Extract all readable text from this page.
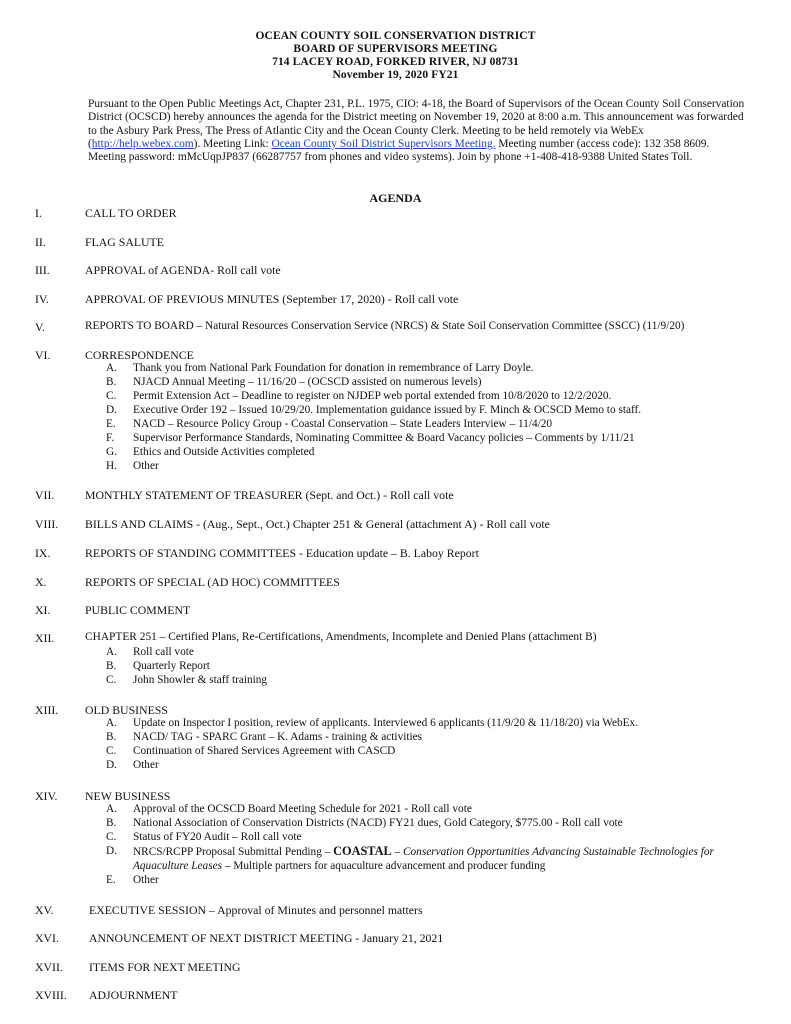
OCEAN COUNTY SOIL CONSERVATION DISTRICT
BOARD OF SUPERVISORS MEETING
714 LACEY ROAD, FORKED RIVER, NJ 08731
November 19, 2020 FY21
Pursuant to the Open Public Meetings Act, Chapter 231, P.L. 1975, CIO: 4-18, the Board of Supervisors of the Ocean County Soil Conservation District (OCSCD) hereby announces the agenda for the District meeting on November 19, 2020 at 8:00 a.m. This announcement was forwarded to the Asbury Park Press, The Press of Atlantic City and the Ocean County Clerk. Meeting to be held remotely via WebEx (http://help.webex.com). Meeting Link: Ocean County Soil District Supervisors Meeting. Meeting number (access code): 132 358 8609. Meeting password: mMcUqpJP837 (66287757 from phones and video systems). Join by phone +1-408-418-9388 United States Toll.
AGENDA
I.	CALL TO ORDER
II.	FLAG SALUTE
III.	APPROVAL of AGENDA- Roll call vote
IV.	APPROVAL OF PREVIOUS MINUTES (September 17, 2020) - Roll call vote
V.	REPORTS TO BOARD – Natural Resources Conservation Service (NRCS) & State Soil Conservation Committee (SSCC) (11/9/20)
VI.	CORRESPONDENCE
A. Thank you from National Park Foundation for donation in remembrance of Larry Doyle.
B. NJACD Annual Meeting – 11/16/20 – (OCSCD assisted on numerous levels)
C. Permit Extension Act – Deadline to register on NJDEP web portal extended from 10/8/2020 to 12/2/2020.
D. Executive Order 192 – Issued 10/29/20. Implementation guidance issued by F. Minch & OCSCD Memo to staff.
E. NACD – Resource Policy Group - Coastal Conservation – State Leaders Interview – 11/4/20
F. Supervisor Performance Standards, Nominating Committee & Board Vacancy policies – Comments by 1/11/21
G. Ethics and Outside Activities completed
H. Other
VII.	MONTHLY STATEMENT OF TREASURER (Sept. and Oct.) - Roll call vote
VIII. BILLS AND CLAIMS - (Aug., Sept., Oct.) Chapter 251 & General (attachment A) - Roll call vote
IX.	REPORTS OF STANDING COMMITTEES - Education update – B. Laboy Report
X.	REPORTS OF SPECIAL (AD HOC) COMMITTEES
XI.	PUBLIC COMMENT
XII.	CHAPTER 251 – Certified Plans, Re-Certifications, Amendments, Incomplete and Denied Plans (attachment B)
A. Roll call vote
B. Quarterly Report
C. John Showler & staff training
XIII. OLD BUSINESS
A. Update on Inspector I position, review of applicants. Interviewed 6 applicants (11/9/20 & 11/18/20) via WebEx.
B. NACD/ TAG - SPARC Grant – K. Adams - training & activities
C. Continuation of Shared Services Agreement with CASCD
D. Other
XIV. NEW BUSINESS
A. Approval of the OCSCD Board Meeting Schedule for 2021 - Roll call vote
B. National Association of Conservation Districts (NACD) FY21 dues, Gold Category, $775.00 - Roll call vote
C. Status of FY20 Audit – Roll call vote
D. NRCS/RCPP Proposal Submittal Pending – COASTAL – Conservation Opportunities Advancing Sustainable Technologies for Aquaculture Leases – Multiple partners for aquaculture advancement and producer funding
E. Other
XV.	EXECUTIVE SESSION – Approval of Minutes and personnel matters
XVI.	ANNOUNCEMENT OF NEXT DISTRICT MEETING - January 21, 2021
XVII. ITEMS FOR NEXT MEETING
XVIII. ADJOURNMENT
